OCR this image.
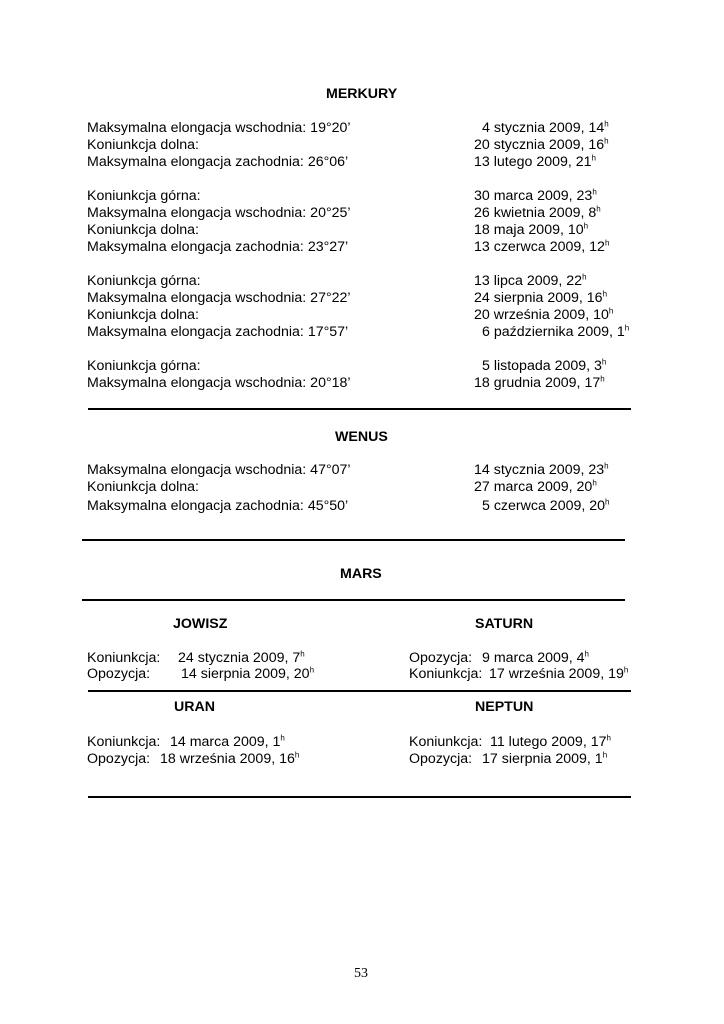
MERKURY
Maksymalna elongacja wschodnia: 19°20’	4 stycznia 2009, 14$^h$
Koniunkcja dolna:	20 stycznia 2009, 16$^h$
Maksymalna elongacja zachodnia: 26°06’	13 lutego 2009, 21$^h$
Koniunkcja górna:	30 marca 2009, 23$^h$
Maksymalna elongacja wschodnia: 20°25’	26 kwietnia 2009, 8$^h$
Koniunkcja dolna:	18 maja 2009, 10$^h$
Maksymalna elongacja zachodnia: 23°27’	13 czerwca 2009, 12$^h$
Koniunkcja górna:	13 lipca 2009, 22$^h$
Maksymalna elongacja wschodnia: 27°22’	24 sierpnia 2009, 16$^h$
Koniunkcja dolna:	20 września 2009, 10$^h$
Maksymalna elongacja zachodnia: 17°57’	6 października 2009, 1$^h$
Koniunkcja górna:	5 listopada 2009, 3$^h$
Maksymalna elongacja wschodnia: 20°18’	18 grudnia 2009, 17$^h$
WENUS
Maksymalna elongacja wschodnia: 47°07’	14 stycznia 2009, 23$^h$
Koniunkcja dolna:	27 marca 2009, 20$^h$
Maksymalna elongacja zachodnia: 45°50’	5 czerwca 2009, 20$^h$
MARS
JOWISZ	SATURN
Koniunkcja: 24 stycznia 2009, 7$^h$
Opozycja: 14 sierpnia 2009, 20$^h$
Opozycja: 9 marca 2009, 4$^h$
Koniunkcja: 17 września 2009, 19$^h$
URAN	NEPTUN
Koniunkcja: 14 marca 2009, 1$^h$
Opozycja: 18 września 2009, 16$^h$
Koniunkcja: 11 lutego 2009, 17$^h$
Opozycja: 17 sierpnia 2009, 1$^h$
53
